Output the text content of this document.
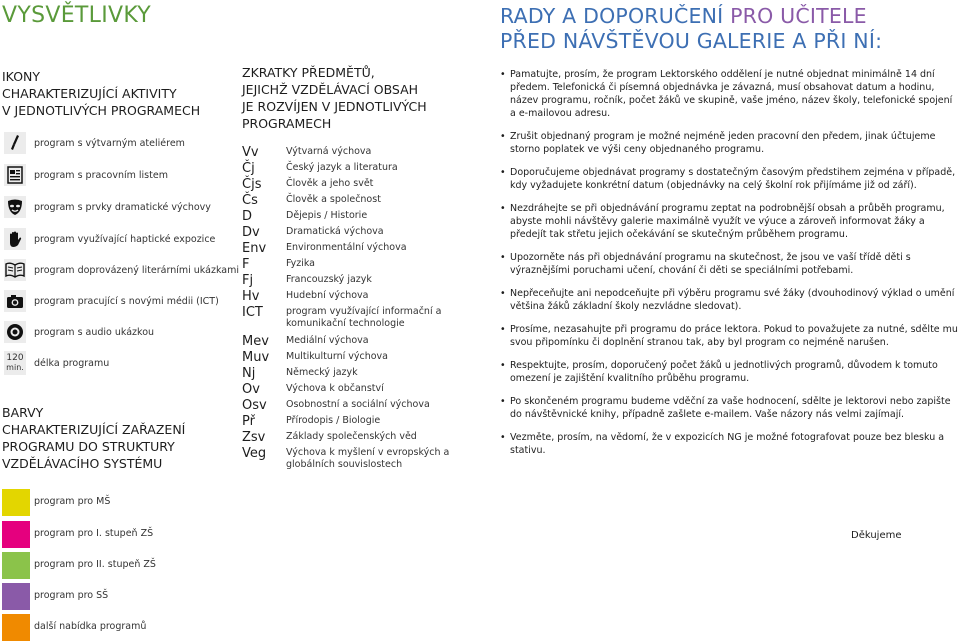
VYSVĚTLIVKY	RADY A DOPORUČENÍ PRO UČITELE
PŘED NÁVŠTĚVOU GALERIE A PŘI NÍ:
IKONY
CHARAKTERIZUJÍCÍ AKTIVITY
V JEDNOTLIVÝCH PROGRAMECH
program s výtvarným ateliérem
program s pracovním listem
program s prvky dramatické výchovy
program využívající haptické expozice
program doprovázený literárními ukázkami
program pracující s novými médii (ICT)
program s audio ukázkou
120
min. délka programu
BARVY
CHARAKTERIZUJÍCÍ ZAŘAZENÍ
PROGRAMU DO STRUKTURY
VZDĚLÁVACÍHO SYSTÉMU
program pro MŠ
program pro I. stupeň ZŠ
program pro II. stupeň ZŠ
program pro SŠ
další nabídka programů
ZKRATKY PŘEDMĚTŮ,
JEJICHŽ VZDĚLÁVACÍ OBSAH
JE ROZVÍJEN V JEDNOTLIVÝCH
PROGRAMECH
Vv	Výtvarná výchova
Čj	Český jazyk a literatura
Čjs	Člověk a jeho svět
Čs	Člověk a společnost
D	Dějepis / Historie
Dv	Dramatická výchova
Env Environmentální výchova
F	Fyzika
Fj	Francouzský jazyk
Hv	Hudební výchova
ICT program využívající informační a komunikační technologie
Mev Mediální výchova
Muv Multikulturní výchova
Nj	Německý jazyk
Ov	Výchova k občanství
Osv Osobnostní a sociální výchova
Př	Přírodopis / Biologie
Zsv Základy společenských věd
Veg Výchova k myšlení v evropských a globálních souvislostech
• Pamatujte, prosím, že program Lektorského oddělení je nutné objednat minimálně 14 dní předem. Telefonická či písemná objednávka je závazná, musí obsahovat datum a hodinu, název programu, ročník, počet žáků ve skupině, vaše jméno, název školy, telefonické spojení a e-mailovou adresu.
• Zrušit objednaný program je možné nejméně jeden pracovní den předem, jinak účtujeme storno poplatek ve výši ceny objednaného programu.
• Doporučujeme objednávat programy s dostatečným časovým předstihem zejména v případě, kdy vyžadujete konkrétní datum (objednávky na celý školní rok přijímáme již od září).
• Nezdráhejte se při objednávání programu zeptat na podrobnější obsah a průběh programu, abyste mohli návštěvy galerie maximálně využít ve výuce a zároveň informovat žáky a předejít tak střetu jejich očekávání se skutečným průběhem programu.
• Upozorněte nás při objednávání programu na skutečnost, že jsou ve vaší třídě děti s výraznějšími poruchami učení, chování či děti se speciálními potřebami.
• Nepřeceňujte ani nepodceňujte při výběru programu své žáky (dvouhodinový výklad o umění většina žáků základní školy nezvládne sledovat).
• Prosíme, nezasahujte při programu do práce lektora. Pokud to považujete za nutné, sdělte mu svou připomínku či doplnění stranou tak, aby byl program co nejméně narušen.
• Respektujte, prosím, doporučený počet žáků u jednotlivých programů, důvodem k tomuto omezení je zajištění kvalitního průběhu programu.
• Po skončeném programu budeme vděční za vaše hodnocení, sdělte je lektorovi nebo zapište do návštěvnické knihy, případně zašlete e-mailem. Vaše názory nás velmi zajímají.
• Vezměte, prosím, na vědomí, že v expozicích NG je možné fotografovat pouze bez blesku a stativu.
Děkujeme
